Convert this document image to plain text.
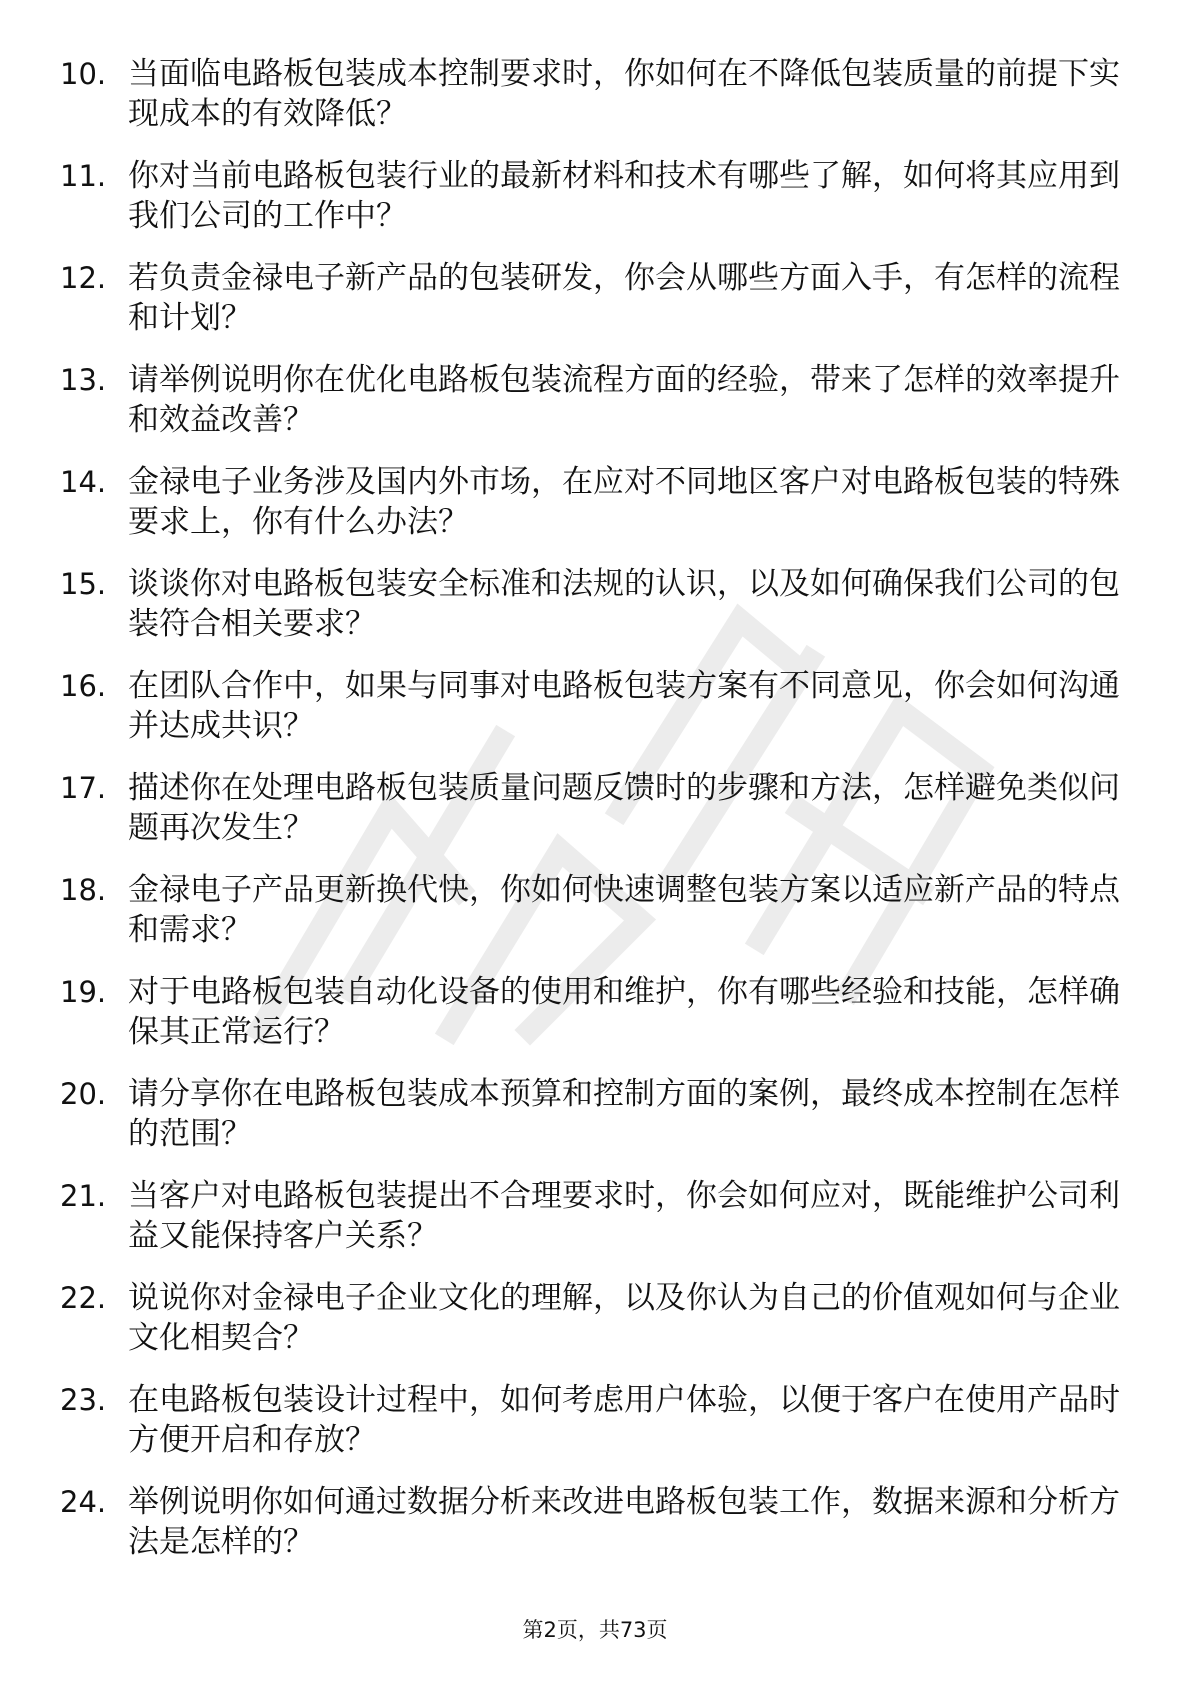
10. 当面临电路板包装成本控制要求时，你如何在不降低包装质量的前提下实现成本的有效降低？
11. 你对当前电路板包装行业的最新材料和技术有哪些了解，如何将其应用到我们公司的工作中？
12. 若负责金禄电子新产品的包装研发，你会从哪些方面入手，有怎样的流程和计划？
13. 请举例说明你在优化电路板包装流程方面的经验，带来了怎样的效率提升和效益改善？
14. 金禄电子业务涉及国内外市场，在应对不同地区客户对电路板包装的特殊要求上，你有什么办法？
15. 谈谈你对电路板包装安全标准和法规的认识，以及如何确保我们公司的包装符合相关要求？
16. 在团队合作中，如果与同事对电路板包装方案有不同意见，你会如何沟通并达成共识？
17. 描述你在处理电路板包装质量问题反馈时的步骤和方法，怎样避免类似问题再次发生？
18. 金禄电子产品更新换代快，你如何快速调整包装方案以适应新产品的特点和需求？
19. 对于电路板包装自动化设备的使用和维护，你有哪些经验和技能，怎样确保其正常运行？
20. 请分享你在电路板包装成本预算和控制方面的案例，最终成本控制在怎样的范围？
21. 当客户对电路板包装提出不合理要求时，你会如何应对，既能维护公司利益又能保持客户关系？
22. 说说你对金禄电子企业文化的理解，以及你认为自己的价值观如何与企业文化相契合？
23. 在电路板包装设计过程中，如何考虑用户体验，以便于客户在使用产品时方便开启和存放？
24. 举例说明你如何通过数据分析来改进电路板包装工作，数据来源和分析方法是怎样的？
第2页，共73页
